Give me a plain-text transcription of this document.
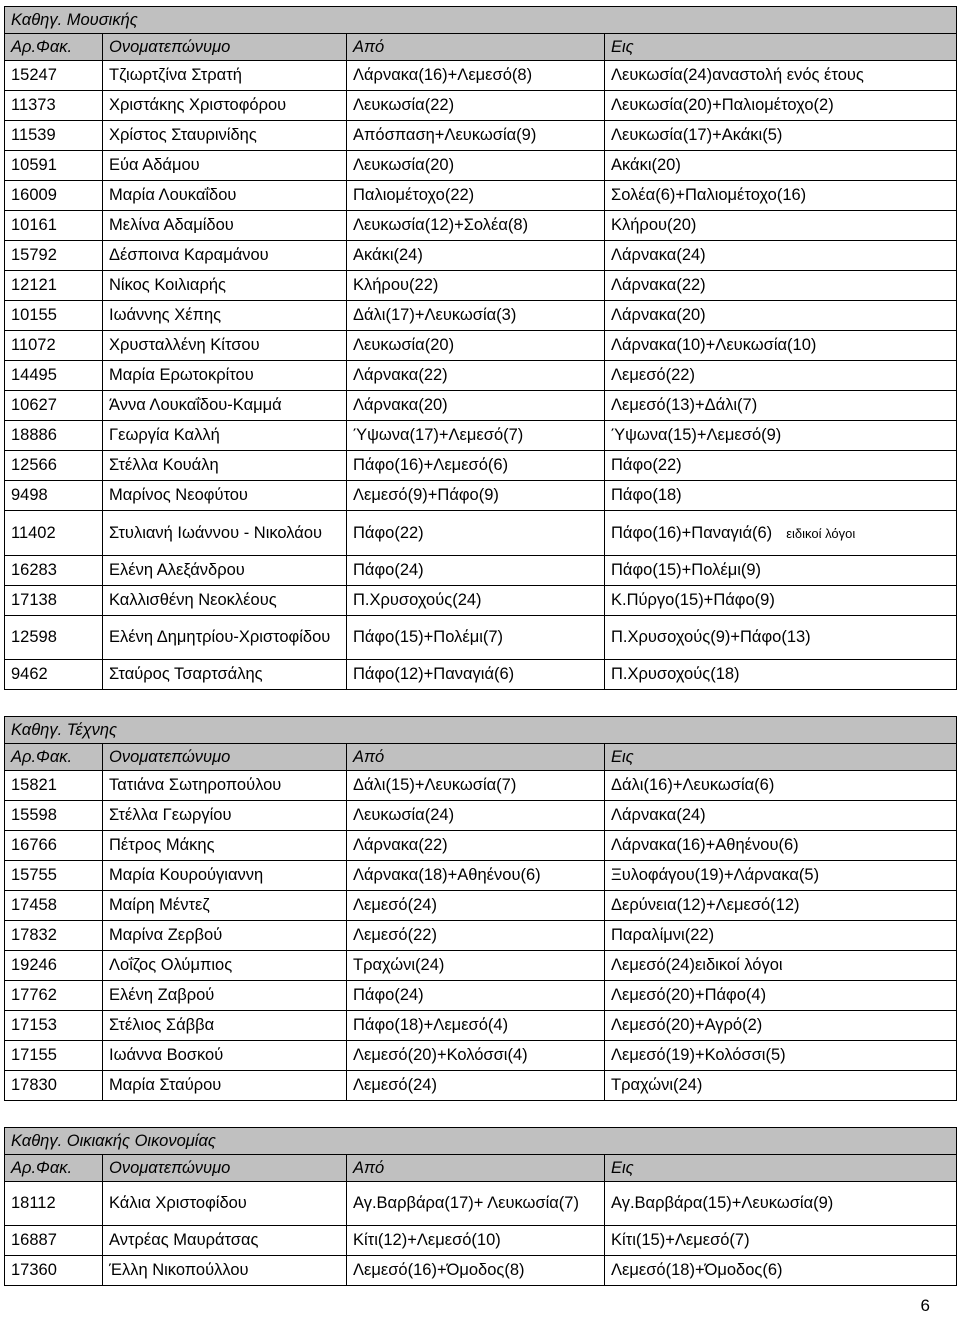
Καθηγ. Μουσικής			
Αρ.Φακ.	Ονοματεπώνυμο	Από	Εις
15247	Τζιωρτζίνα Στρατή	Λάρνακα(16)+Λεμεσό(8)	Λευκωσία(24)αναστολή ενός έτους
11373	Χριστάκης Χριστοφόρου	Λευκωσία(22)	Λευκωσία(20)+Παλιομέτοχο(2)
11539	Χρίστος Σταυρινίδης	Απόσπαση+Λευκωσία(9)	Λευκωσία(17)+Ακάκι(5)
10591	Εύα Αδάμου	Λευκωσία(20)	Ακάκι(20)
16009	Μαρία Λουκαΐδου	Παλιομέτοχο(22)	Σολέα(6)+Παλιομέτοχο(16)
10161	Μελίνα Αδαμίδου	Λευκωσία(12)+Σολέα(8)	Κλήρου(20)
15792	Δέσποινα Καραμάνου	Ακάκι(24)	Λάρνακα(24)
12121	Νίκος Κοιλιαρής	Κλήρου(22)	Λάρνακα(22)
10155	Ιωάννης Χέπης	Δάλι(17)+Λευκωσία(3)	Λάρνακα(20)
11072	Χρυσταλλένη Κίτσου	Λευκωσία(20)	Λάρνακα(10)+Λευκωσία(10)
14495	Μαρία Ερωτοκρίτου	Λάρνακα(22)	Λεμεσό(22)
10627	Άννα Λουκαΐδου-Καμμά	Λάρνακα(20)	Λεμεσό(13)+Δάλι(7)
18886	Γεωργία Καλλή	Ύψωνα(17)+Λεμεσό(7)	Ύψωνα(15)+Λεμεσό(9)
12566	Στέλλα Κουάλη	Πάφο(16)+Λεμεσό(6)	Πάφο(22)
9498	Μαρίνος Νεοφύτου	Λεμεσό(9)+Πάφο(9)	Πάφο(18)
11402	Στυλιανή Ιωάννου - Νικολάου	Πάφο(22)	Πάφο(16)+Παναγιά(6) ειδικοί λόγοι
16283	Ελένη Αλεξάνδρου	Πάφο(24)	Πάφο(15)+Πολέμι(9)
17138	Καλλισθένη Νεοκλέους	Π.Χρυσοχούς(24)	Κ.Πύργο(15)+Πάφο(9)
12598	Ελένη Δημητρίου-Χριστοφίδου	Πάφο(15)+Πολέμι(7)	Π.Χρυσοχούς(9)+Πάφο(13)
9462	Σταύρος Τσαρτσάλης	Πάφο(12)+Παναγιά(6)	Π.Χρυσοχούς(18)
Καθηγ. Τέχνης			
Αρ.Φακ.	Ονοματεπώνυμο	Από	Εις
15821	Τατιάνα Σωτηροπούλου	Δάλι(15)+Λευκωσία(7)	Δάλι(16)+Λευκωσία(6)
15598	Στέλλα Γεωργίου	Λευκωσία(24)	Λάρνακα(24)
16766	Πέτρος Μάκης	Λάρνακα(22)	Λάρνακα(16)+Αθηένου(6)
15755	Μαρία Κουρούγιαννη	Λάρνακα(18)+Αθηένου(6)	Ξυλοφάγου(19)+Λάρνακα(5)
17458	Μαίρη Μέντεζ	Λεμεσό(24)	Δερύνεια(12)+Λεμεσό(12)
17832	Μαρίνα Ζερβού	Λεμεσό(22)	Παραλίμνι(22)
19246	Λοΐζος Ολύμπιος	Τραχώνι(24)	Λεμεσό(24)ειδικοί λόγοι
17762	Ελένη Ζαβρού	Πάφο(24)	Λεμεσό(20)+Πάφο(4)
17153	Στέλιος Σάββα	Πάφο(18)+Λεμεσό(4)	Λεμεσό(20)+Αγρό(2)
17155	Ιωάννα Βοσκού	Λεμεσό(20)+Κολόσσι(4)	Λεμεσό(19)+Κολόσσι(5)
17830	Μαρία Σταύρου	Λεμεσό(24)	Τραχώνι(24)
Καθηγ. Οικιακής Οικονομίας			
Αρ.Φακ.	Ονοματεπώνυμο	Από	Εις
18112	Κάλια Χριστοφίδου	Αγ.Βαρβάρα(17)+ Λευκωσία(7)	Αγ.Βαρβάρα(15)+Λευκωσία(9)
16887	Αντρέας Μαυράτσας	Κίτι(12)+Λεμεσό(10)	Κίτι(15)+Λεμεσό(7)
17360	Έλλη Νικοπούλλου	Λεμεσό(16)+Όμοδος(8)	Λεμεσό(18)+Όμοδος(6)
6
